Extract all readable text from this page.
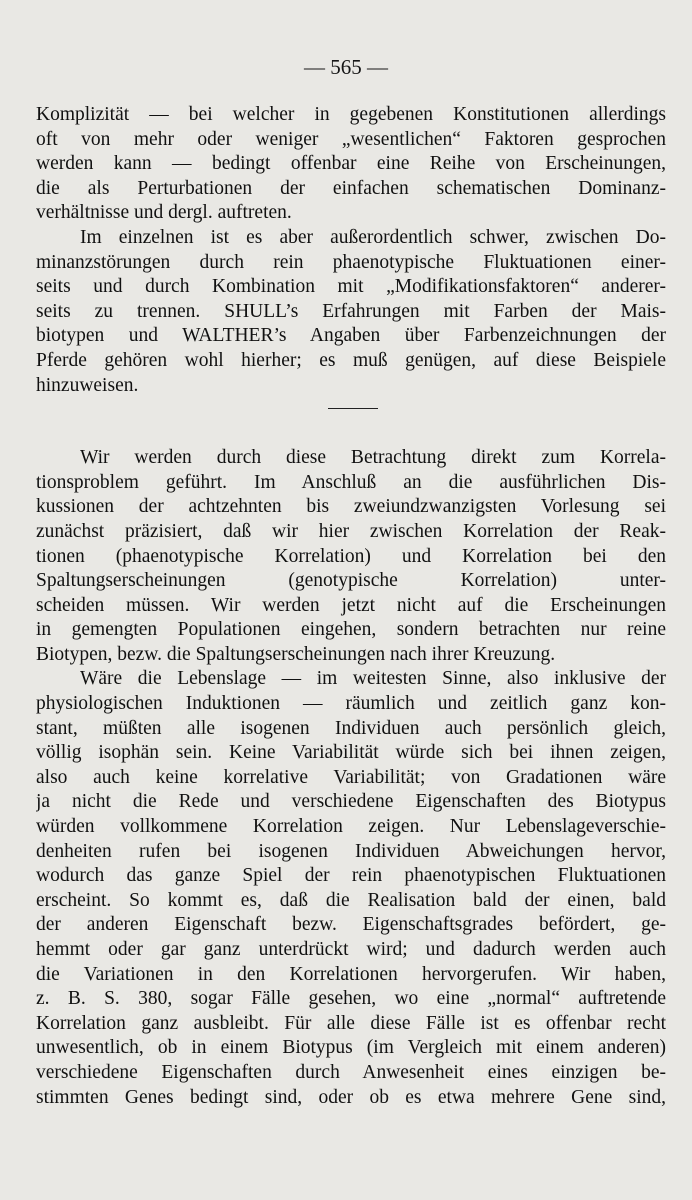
— 565 —
Komplizität — bei welcher in gegebenen Konstitutionen allerdings
oft von mehr oder weniger „wesentlichen“ Faktoren gesprochen
werden kann — bedingt offenbar eine Reihe von Erscheinungen,
die als Perturbationen der einfachen schematischen Dominanz-
verhältnisse und dergl. auftreten.
Im einzelnen ist es aber außerordentlich schwer, zwischen Do-
minanzstörungen durch rein phaenotypische Fluktuationen einer-
seits und durch Kombination mit „Modifikationsfaktoren“ anderer-
seits zu trennen. SHULL’s Erfahrungen mit Farben der Mais-
biotypen und WALTHER’s Angaben über Farbenzeichnungen der
Pferde gehören wohl hierher; es muß genügen, auf diese Beispiele
hinzuweisen.
Wir werden durch diese Betrachtung direkt zum Korrela-
tionsproblem geführt. Im Anschluß an die ausführlichen Dis-
kussionen der achtzehnten bis zweiundzwanzigsten Vorlesung sei
zunächst präzisiert, daß wir hier zwischen Korrelation der Reak-
tionen (phaenotypische Korrelation) und Korrelation bei den
Spaltungserscheinungen (genotypische Korrelation) unter-
scheiden müssen. Wir werden jetzt nicht auf die Erscheinungen
in gemengten Populationen eingehen, sondern betrachten nur reine
Biotypen, bezw. die Spaltungserscheinungen nach ihrer Kreuzung.
Wäre die Lebenslage — im weitesten Sinne, also inklusive der
physiologischen Induktionen — räumlich und zeitlich ganz kon-
stant, müßten alle isogenen Individuen auch persönlich gleich,
völlig isophän sein. Keine Variabilität würde sich bei ihnen zeigen,
also auch keine korrelative Variabilität; von Gradationen wäre
ja nicht die Rede und verschiedene Eigenschaften des Biotypus
würden vollkommene Korrelation zeigen. Nur Lebenslageverschie-
denheiten rufen bei isogenen Individuen Abweichungen hervor,
wodurch das ganze Spiel der rein phaenotypischen Fluktuationen
erscheint. So kommt es, daß die Realisation bald der einen, bald
der anderen Eigenschaft bezw. Eigenschaftsgrades befördert, ge-
hemmt oder gar ganz unterdrückt wird; und dadurch werden auch
die Variationen in den Korrelationen hervorgerufen. Wir haben,
z. B. S. 380, sogar Fälle gesehen, wo eine „normal“ auftretende
Korrelation ganz ausbleibt. Für alle diese Fälle ist es offenbar recht
unwesentlich, ob in einem Biotypus (im Vergleich mit einem anderen)
verschiedene Eigenschaften durch Anwesenheit eines einzigen be-
stimmten Genes bedingt sind, oder ob es etwa mehrere Gene sind,
